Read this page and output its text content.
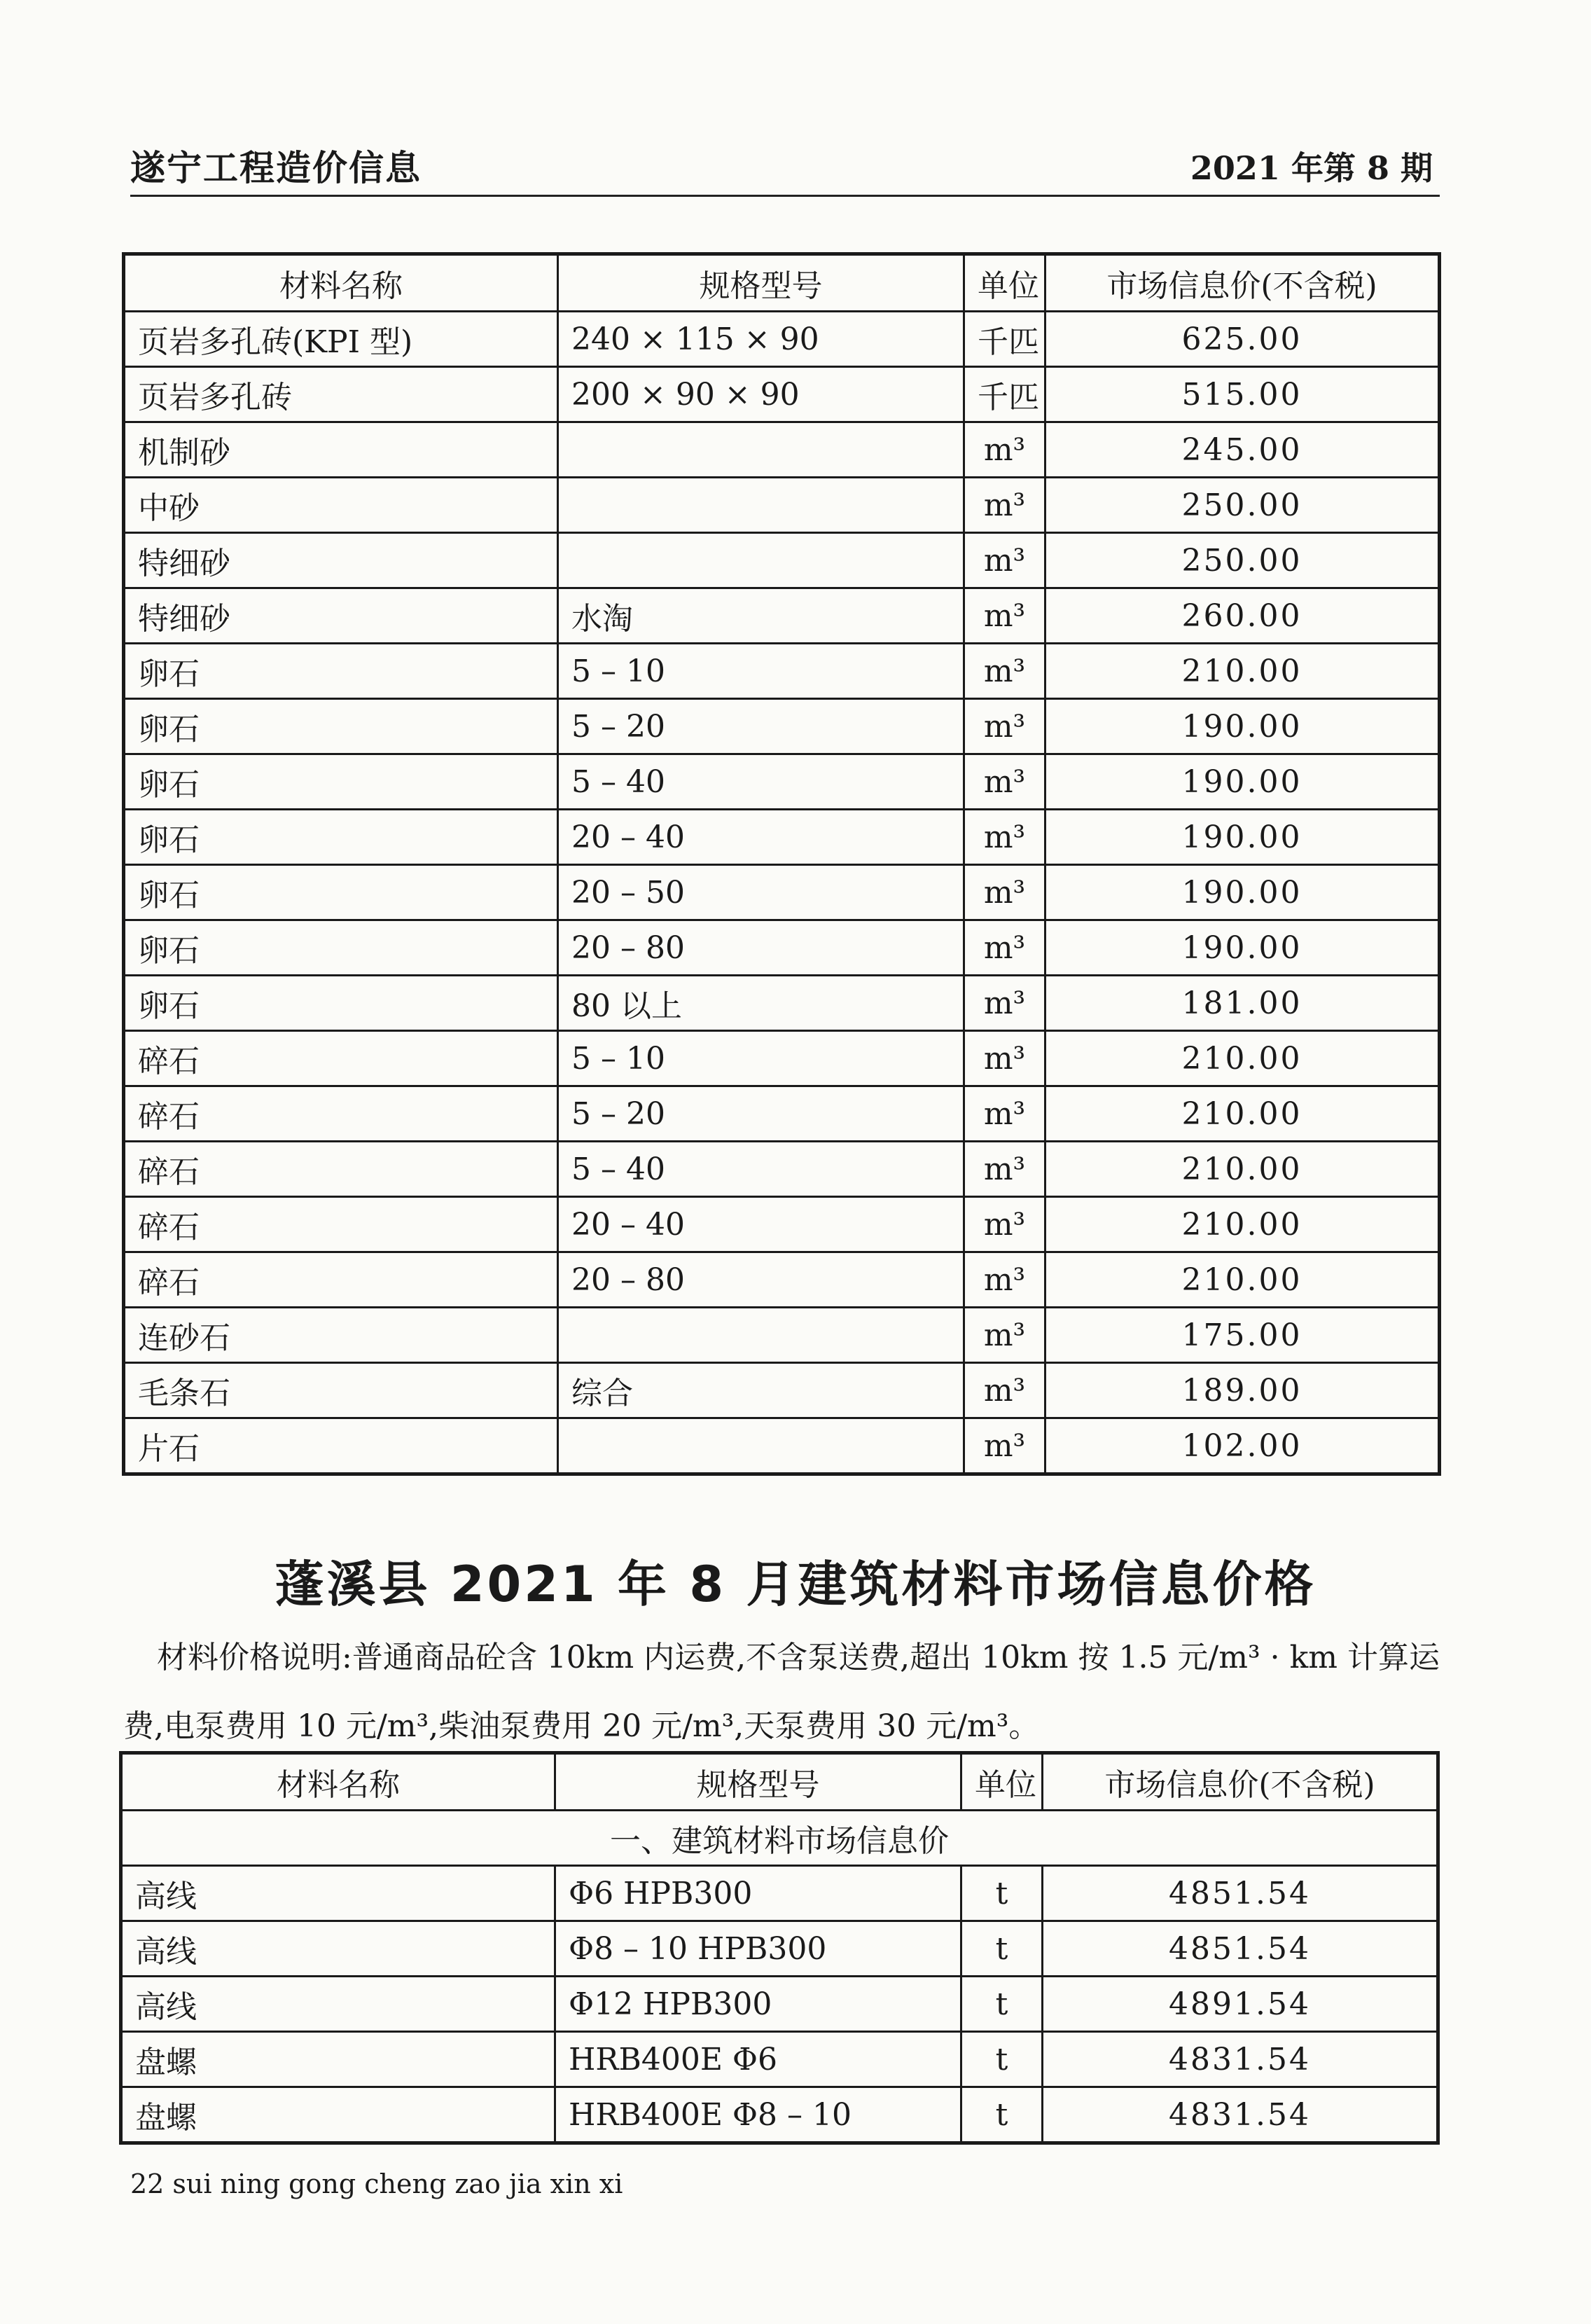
遂宁工程造价信息	2021 年第 8 期
材料名称	规格型号	单位	市场信息价(不含税)
页岩多孔砖(KPI 型)	240 × 115 × 90	千匹	625.00
页岩多孔砖	200 × 90 × 90	千匹	515.00
机制砂		m³	245.00
中砂		m³	250.00
特细砂		m³	250.00
特细砂	水淘	m³	260.00
卵石	5 – 10	m³	210.00
卵石	5 – 20	m³	190.00
卵石	5 – 40	m³	190.00
卵石	20 – 40	m³	190.00
卵石	20 – 50	m³	190.00
卵石	20 – 80	m³	190.00
卵石	80 以上	m³	181.00
碎石	5 – 10	m³	210.00
碎石	5 – 20	m³	210.00
碎石	5 – 40	m³	210.00
碎石	20 – 40	m³	210.00
碎石	20 – 80	m³	210.00
连砂石		m³	175.00
毛条石	综合	m³	189.00
片石		m³	102.00
蓬溪县 2021 年 8 月建筑材料市场信息价格
材料价格说明:普通商品砼含 10km 内运费,不含泵送费,超出 10km 按 1.5 元/m³ · km 计算运费,电泵费用 10 元/m³,柴油泵费用 20 元/m³,天泵费用 30 元/m³。
材料名称	规格型号	单位	市场信息价(不含税)
一、建筑材料市场信息价			
高线	Φ6 HPB300	t	4851.54
高线	Φ8 – 10 HPB300	t	4851.54
高线	Φ12 HPB300	t	4891.54
盘螺	HRB400E Φ6	t	4831.54
盘螺	HRB400E Φ8 – 10	t	4831.54
22 sui ning gong cheng zao jia xin xi
